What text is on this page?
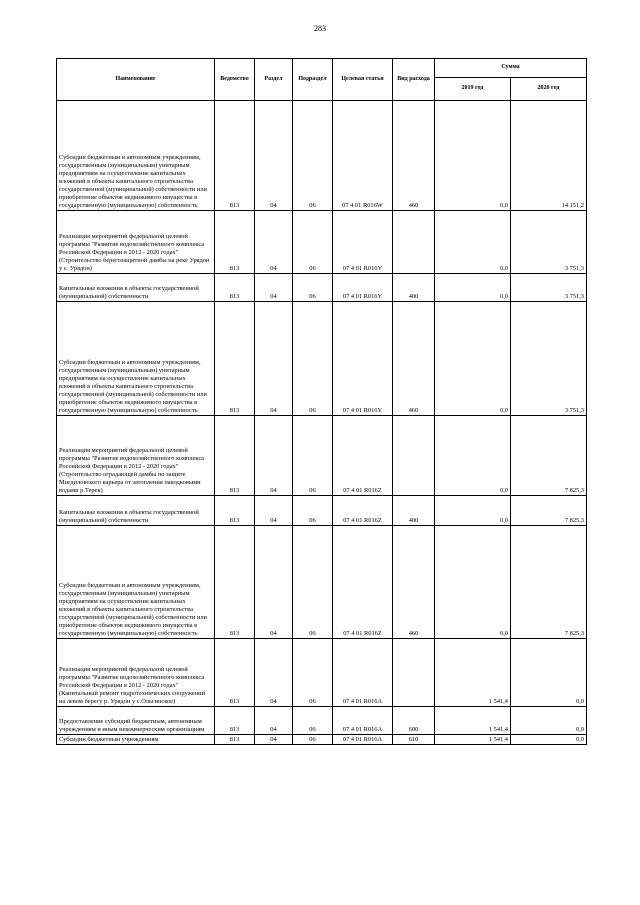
283
Наименование	Ведомство	Раздел	Подраздел	Целевая статья	Вид расхода	Сумма	
						2019 год	2020 год
Субсидии бюджетным и автономным учреждениям, государственным (муниципальным) унитарным предприятиям на осуществление капитальных вложений в объекты капитального строительства государственной (муниципальной) собственности или приобретение объектов недвижимого имущества в государственную (муниципальную) собственность	813	04	06	07 4 01 R016W	460	0,0	14 151,2
Реализация мероприятий федеральной целевой программы "Развитие водохозяйственного комплекса Российской Федерации в 2012 - 2020 годах" (Строительство берегозащитной дамбы на реке Урядон у с. Урядон)	813	04	06	07 4 01 R016Y		0,0	3 751,3
Капитальные вложения в объекты государственной (муниципальной) собственности	813	04	06	07 4 01 R016Y	400	0,0	3 751,3
Субсидии бюджетным и автономным учреждениям, государственным (муниципальным) унитарным предприятиям на осуществление капитальных вложений в объекты капитального строительства государственной (муниципальной) собственности или приобретение объектов недвижимого имущества в государственную (муниципальную) собственность	813	04	06	07 4 01 R016Y	460	0,0	3 751,3
Реализация мероприятий федеральной целевой программы "Развитие водохозяйственного комплекса Российской Федерации в 2012 - 2020 годах" (Строительство оградающей дамбы по защите Мигдиловского карьера от затопления паводковыми водами р.Терек)	813	04	06	07 4 01 R016Z		0,0	7 825,3
Капитальные вложения в объекты государственной (муниципальной) собственности	813	04	06	07 4 01 R016Z	400	0,0	7 825,3
Субсидии бюджетным и автономным учреждениям, государственным (муниципальным) унитарным предприятиям на осуществление капитальных вложений в объекты капитального строительства государственной (муниципальной) собственности или приобретение объектов недвижимого имущества в государственную (муниципальную) собственность	813	04	06	07 4 01 R016Z	460	0,0	7 825,3
Реализация мероприятий федеральной целевой программы "Развитие водохозяйственного комплекса Российской Федерации в 2012 - 2020 годах" (Капитальный ремонт гидротехнических сооружений на левом берегу р. Урядон у с.Ольгинское)	813	04	06	07 4 01 R016A		1 541,4	0,0
Предоставление субсидий бюджетным, автономным учреждениям и иным некоммерческим организациям	813	04	06	07 4 01 R016A	600	1 541,4	0,0
Субсидии бюджетным учреждениям	813	04	06	07 4 01 R016A	610	1 541,4	0,0
